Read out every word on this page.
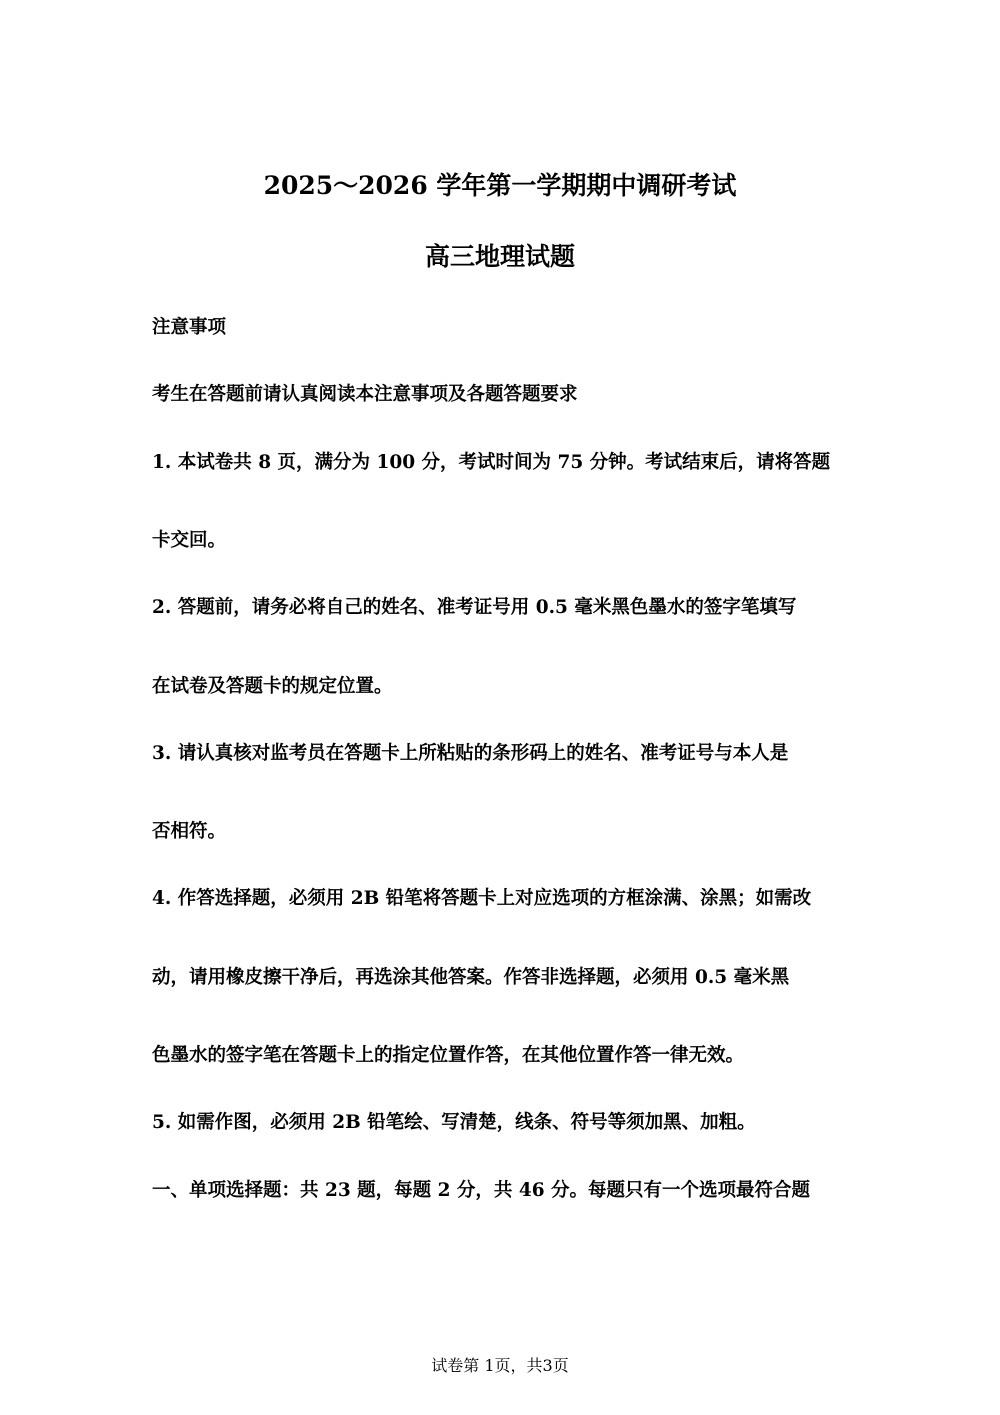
2025～2026 学年第一学期期中调研考试
高三地理试题
注意事项
考生在答题前请认真阅读本注意事项及各题答题要求
1. 本试卷共 8 页，满分为 100 分，考试时间为 75 分钟。考试结束后，请将答题
卡交回。
2. 答题前，请务必将自己的姓名、准考证号用 0.5 毫米黑色墨水的签字笔填写
在试卷及答题卡的规定位置。
3. 请认真核对监考员在答题卡上所粘贴的条形码上的姓名、准考证号与本人是
否相符。
4. 作答选择题，必须用 2B 铅笔将答题卡上对应选项的方框涂满、涂黑；如需改
动，请用橡皮擦干净后，再选涂其他答案。作答非选择题，必须用 0.5 毫米黑
色墨水的签字笔在答题卡上的指定位置作答，在其他位置作答一律无效。
5. 如需作图，必须用 2B 铅笔绘、写清楚，线条、符号等须加黑、加粗。
一、单项选择题：共 23 题，每题 2 分，共 46 分。每题只有一个选项最符合题
试卷第 1页，共3页
